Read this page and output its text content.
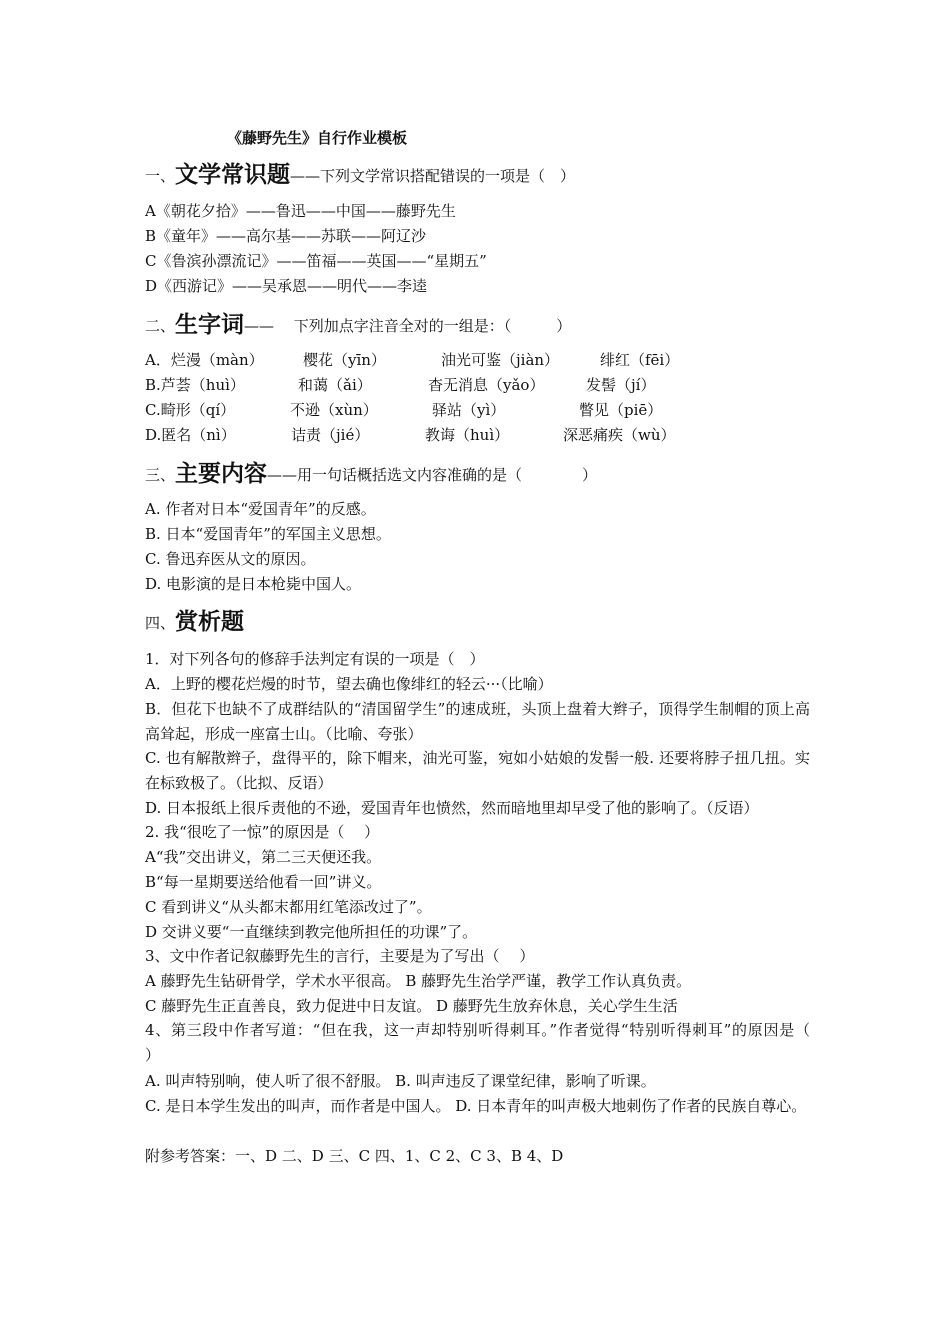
《藤野先生》自行作业模板
一、文学常识题——下列文学常识搭配错误的一项是（　）
A《朝花夕拾》——鲁迅——中国——藤野先生
B《童年》——高尔基——苏联——阿辽沙
C《鲁滨孙漂流记》——笛福——英国——“星期五”
D《西游记》——吴承恩——明代——李逵
二、生字词——　 下列加点字注音全对的一组是：（　　　）
A．烂漫（màn）	樱花（yīn）	油光可鉴（jiàn）	绯红（fēi）
B.芦荟（huì）	和蔼（ǎi）	杳无消息（yǎo）	发髻（jí）
C.畸形（qí）	不逊（xùn）	驿站（yì）	瞥见（piē）
D.匿名（nì）	诘责（jié）	教诲（huì）	深恶痛疾（wù）
三、主要内容——用一句话概括选文内容准确的是（　　　　）
A. 作者对日本“爱国青年”的反感。
B. 日本“爱国青年”的军国主义思想。
C. 鲁迅弃医从文的原因。
D. 电影演的是日本枪毙中国人。
四、赏析题
1．对下列各句的修辞手法判定有误的一项是（　）
A．上野的樱花烂熳的时节，望去确也像绯红的轻云···（比喻）
B．但花下也缺不了成群结队的“清国留学生”的速成班，头顶上盘着大辫子，顶得学生制帽的顶上高高耸起，形成一座富士山。（比喻、夸张）
C. 也有解散辫子，盘得平的，除下帽来，油光可鉴，宛如小姑娘的发髻一般. 还要将脖子扭几扭。实在标致极了。（比拟、反语）
D. 日本报纸上很斥责他的不逊，爱国青年也愤然，然而暗地里却早受了他的影响了。（反语）
2. 我“很吃了一惊”的原因是（　 ）
A“我”交出讲义，第二三天便还我。
B“每一星期要送给他看一回”讲义。
C 看到讲义“从头都末都用红笔添改过了”。
D 交讲义要“一直继续到教完他所担任的功课”了。
3、文中作者记叙藤野先生的言行，主要是为了写出（　 ）
A 藤野先生钻研骨学，学术水平很高。 B 藤野先生治学严谨，教学工作认真负责。
C 藤野先生正直善良，致力促进中日友谊。 D 藤野先生放弃休息，关心学生生活
4、第三段中作者写道：“但在我，这一声却特别听得刺耳。”作者觉得“特别听得刺耳”的原因是（　　　　　 ）
A. 叫声特别响，使人听了很不舒服。 B. 叫声违反了课堂纪律，影响了听课。
C. 是日本学生发出的叫声，而作者是中国人。 D. 日本青年的叫声极大地刺伤了作者的民族自尊心。
附参考答案：一、D 二、D 三、C 四、1、C 2、C 3、B 4、D
